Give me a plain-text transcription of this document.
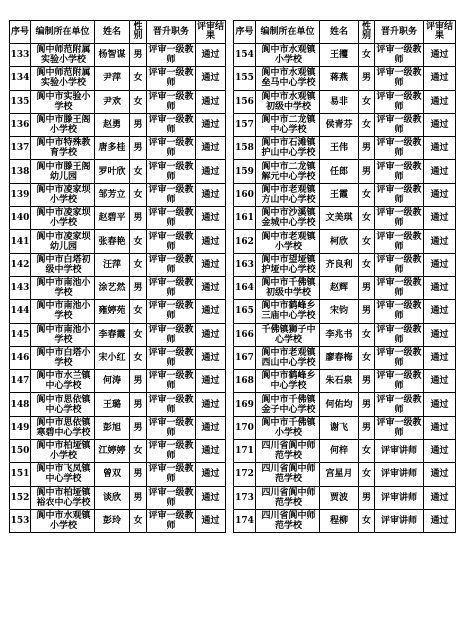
序号	编制所在单位	姓名	性别	晋升职务	评审结果
133	阆中师范附属实验小学校	杨智谋	男	评审一级教师	通过
134	阆中师范附属实验小学校	尹萍	女	评审一级教师	通过
135	阆中市实验小学校	尹欢	女	评审一级教师	通过
136	阆中市滕王阁小学校	赵勇	男	评审一级教师	通过
137	阆中市特殊教育学校	唐多桂	男	评审一级教师	通过
138	阆中市滕王阁幼儿园	罗叶欣	女	评审一级教师	通过
139	阆中市凌家坝小学校	邹芳立	女	评审一级教师	通过
140	阆中市凌家坝小学校	赵碧平	男	评审一级教师	通过
141	阆中市凌家坝幼儿园	张春艳	女	评审一级教师	通过
142	阆中市白塔初级中学校	汪萍	女	评审一级教师	通过
143	阆中市南池小学校	涂艺然	男	评审一级教师	通过
144	阆中市南池小学校	雍婷苑	女	评审一级教师	通过
145	阆中市南池小学校	李春霞	女	评审一级教师	通过
146	阆中市白塔小学校	宋小红	女	评审一级教师	通过
147	阆中市水兰镇中心学校	何涛	男	评审一级教师	通过
148	阆中市思依镇中心学校	王璐	男	评审一级教师	通过
149	阆中市思依镇寒碧中心学校	彭旭	男	评审一级教师	通过
150	阆中市柏垭镇小学校	江婷婷	女	评审一级教师	通过
151	阆中市飞凤镇中心学校	曾双	男	评审一级教师	通过
152	阆中市柏垭镇裕农中心学校	谈欣	男	评审一级教师	通过
153	阆中市水观镇小学校	彭玲	女	评审一级教师	通过
序号	编制所在单位	姓名	性别	晋升职务	评审结果
154	阆中市水观镇小学校	王攫	女	评审一级教师	通过
155	阆中市水观镇垒马中心学校	蒋燕	男	评审一级教师	通过
156	阆中市水观镇初级中学校	易非	女	评审一级教师	通过
157	阆中市二龙镇中心学校	侯青芬	女	评审一级教师	通过
158	阆中市石滩镇护山中心学校	王伟	男	评审一级教师	通过
159	阆中市二龙镇解元中心学校	任郎	男	评审一级教师	通过
160	阆中市老观镇方山中心学校	王霞	女	评审一级教师	通过
161	阆中市沙溪镇金城中心学校	文美琪	女	评审一级教师	通过
162	阆中市老观镇小学校	柯欣	女	评审一级教师	通过
163	阆中市望垭镇护垭中心学校	齐良利	女	评审一级教师	通过
164	阆中市千佛镇初级中学校	赵辉	男	评审一级教师	通过
165	阆中市鹤峰乡三庙中心学校	宋钧	男	评审一级教师	通过
166	千佛镇狮子中心学校	李兆书	女	评审一级教师	通过
167	阆中市老观镇西山中心学校	廖春梅	女	评审一级教师	通过
168	阆中市鹤峰乡中心学校	朱石泉	男	评审一级教师	通过
169	阆中市千佛镇金子中心学校	何佑均	男	评审一级教师	通过
170	阆中市千佛镇小学校	谢飞	男	评审一级教师	通过
171	四川省阆中师范学校	何梓	女	评审讲师	通过
172	四川省阆中师范学校	宫星月	女	评审讲师	通过
173	四川省阆中师范学校	贾波	男	评审讲师	通过
174	四川省阆中师范学校	程柳	女	评审讲师	通过
